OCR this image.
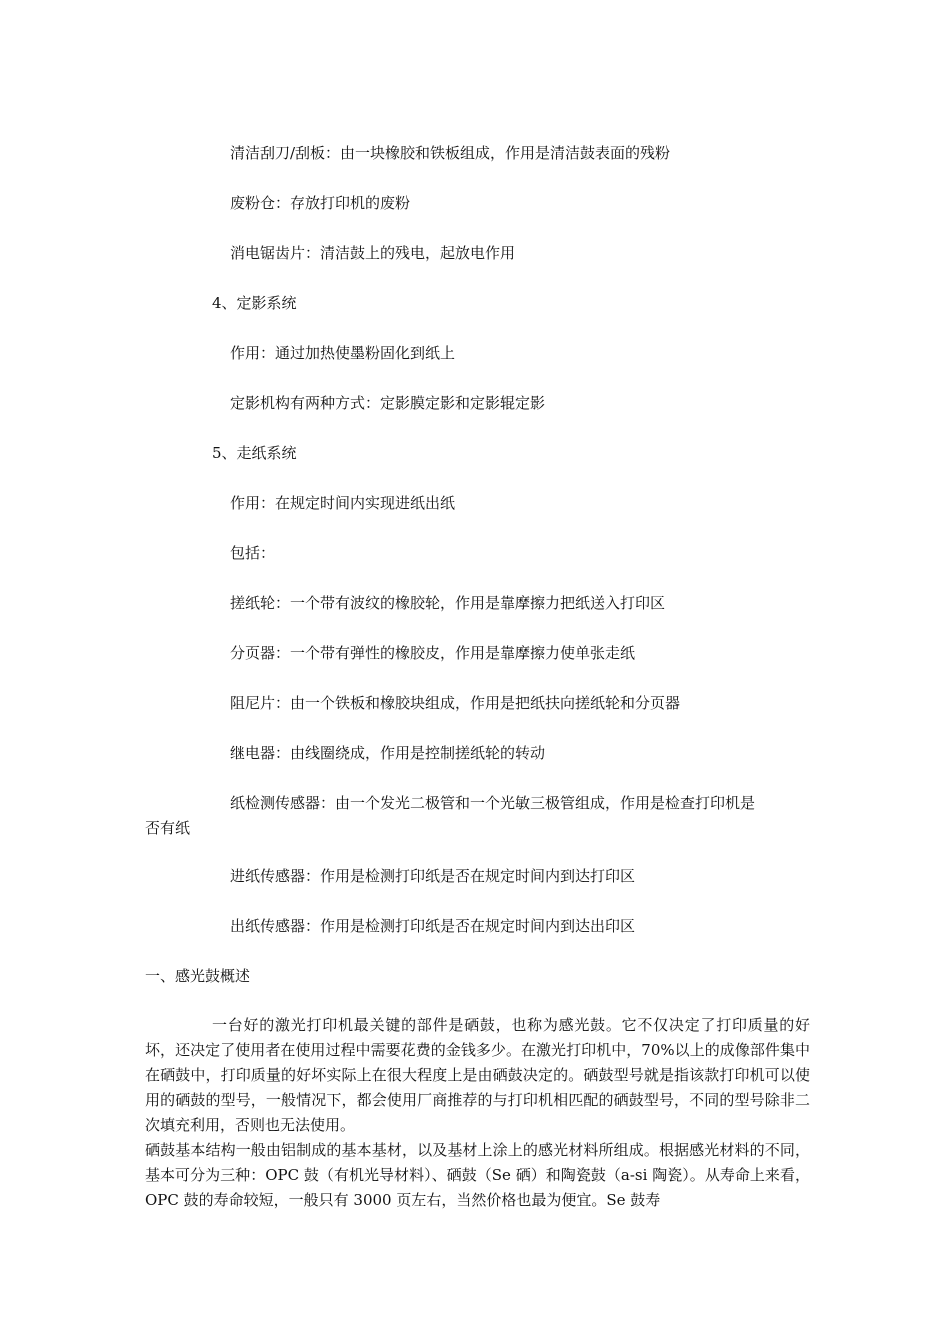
清洁刮刀/刮板：由一块橡胶和铁板组成，作用是清洁鼓表面的残粉
废粉仓：存放打印机的废粉
消电锯齿片：清洁鼓上的残电，起放电作用
4、定影系统
作用：通过加热使墨粉固化到纸上
定影机构有两种方式：定影膜定影和定影辊定影
5、走纸系统
作用：在规定时间内实现进纸出纸
包括：
搓纸轮：一个带有波纹的橡胶轮，作用是靠摩擦力把纸送入打印区
分页器：一个带有弹性的橡胶皮，作用是靠摩擦力使单张走纸
阻尼片：由一个铁板和橡胶块组成，作用是把纸扶向搓纸轮和分页器
继电器：由线圈绕成，作用是控制搓纸轮的转动
纸检测传感器：由一个发光二极管和一个光敏三极管组成，作用是检查打印机是
否有纸
进纸传感器：作用是检测打印纸是否在规定时间内到达打印区
出纸传感器：作用是检测打印纸是否在规定时间内到达出印区
一、感光鼓概述

一台好的激光打印机最关键的部件是硒鼓，也称为感光鼓。它不仅决定了打印质量的好坏，还决定了使用者在使用过程中需要花费的金钱多少。在激光打印机中，70%以上的成像部件集中在硒鼓中，打印质量的好坏实际上在很大程度上是由硒鼓决定的。硒鼓型号就是指该款打印机可以使用的硒鼓的型号，一般情况下，都会使用厂商推荐的与打印机相匹配的硒鼓型号，不同的型号除非二次填充利用，否则也无法使用。

硒鼓基本结构一般由铝制成的基本基材，以及基材上涂上的感光材料所组成。根据感光材料的不同，基本可分为三种：OPC 鼓（有机光导材料）、硒鼓（Se 硒）和陶瓷鼓（a-si 陶瓷）。从寿命上来看，OPC 鼓的寿命较短，一般只有 3000 页左右，当然价格也最为便宜。Se 鼓寿
